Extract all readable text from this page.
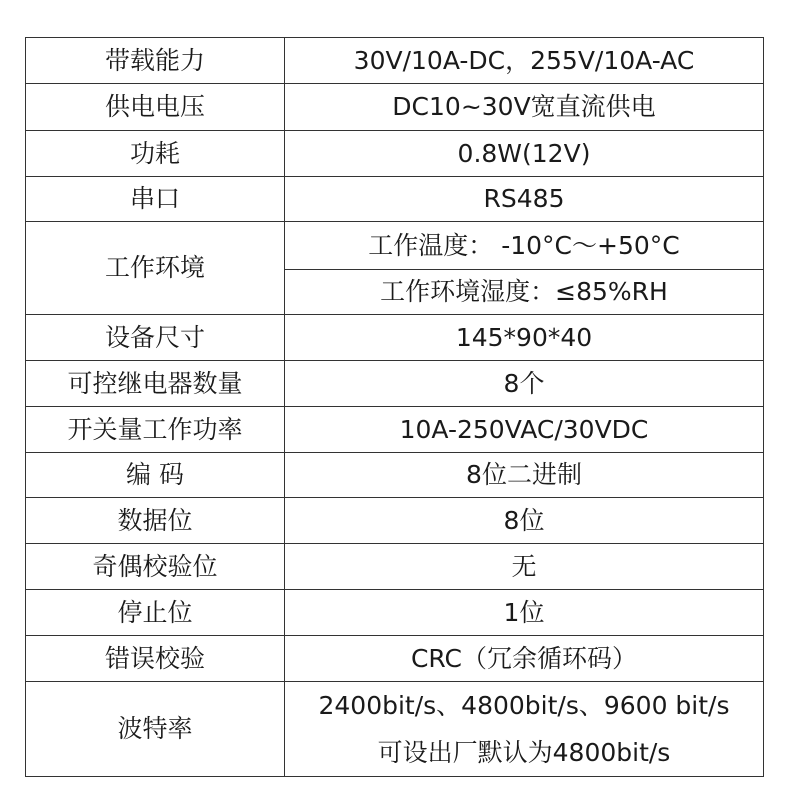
带载能力	30V/10A-DC，255V/10A-AC
供电电压	DC10~30V宽直流供电
功耗	0.8W(12V)
串口	RS485
工作环境	工作温度： -10°C～+50°C
	工作环境湿度：≤85%RH
设备尺寸	145*90*40
可控继电器数量	8个
开关量工作功率	10A-250VAC/30VDC
编 码	8位二进制
数据位	8位
奇偶校验位	无
停止位	1位
错误校验	CRC（冗余循环码）
波特率	2400bit/s、4800bit/s、9600 bit/s
可设出厂默认为4800bit/s
